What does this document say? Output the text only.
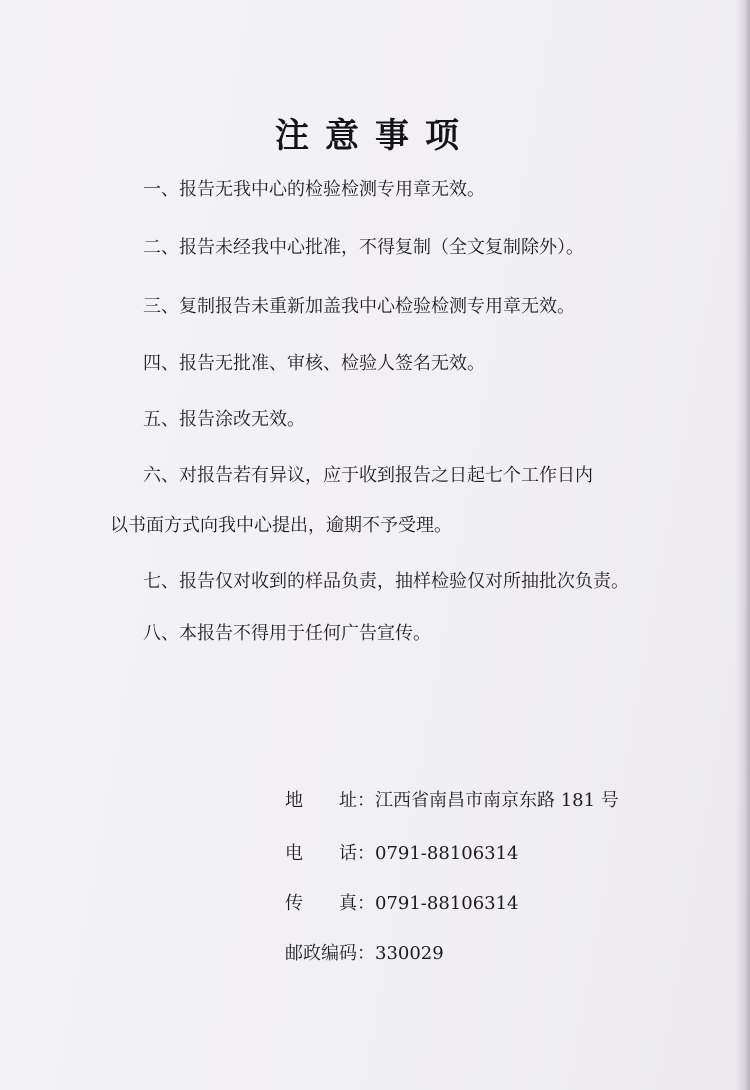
注意事项
一、报告无我中心的检验检测专用章无效。
二、报告未经我中心批准，不得复制（全文复制除外）。
三、复制报告未重新加盖我中心检验检测专用章无效。
四、报告无批准、审核、检验人签名无效。
五、报告涂改无效。
六、对报告若有异议，应于收到报告之日起七个工作日内
以书面方式向我中心提出，逾期不予受理。
七、报告仅对收到的样品负责，抽样检验仅对所抽批次负责。
八、本报告不得用于任何广告宣传。
地 址：江西省南昌市南京东路 181 号
电 话：0791-88106314
传 真：0791-88106314
邮政编码：330029
